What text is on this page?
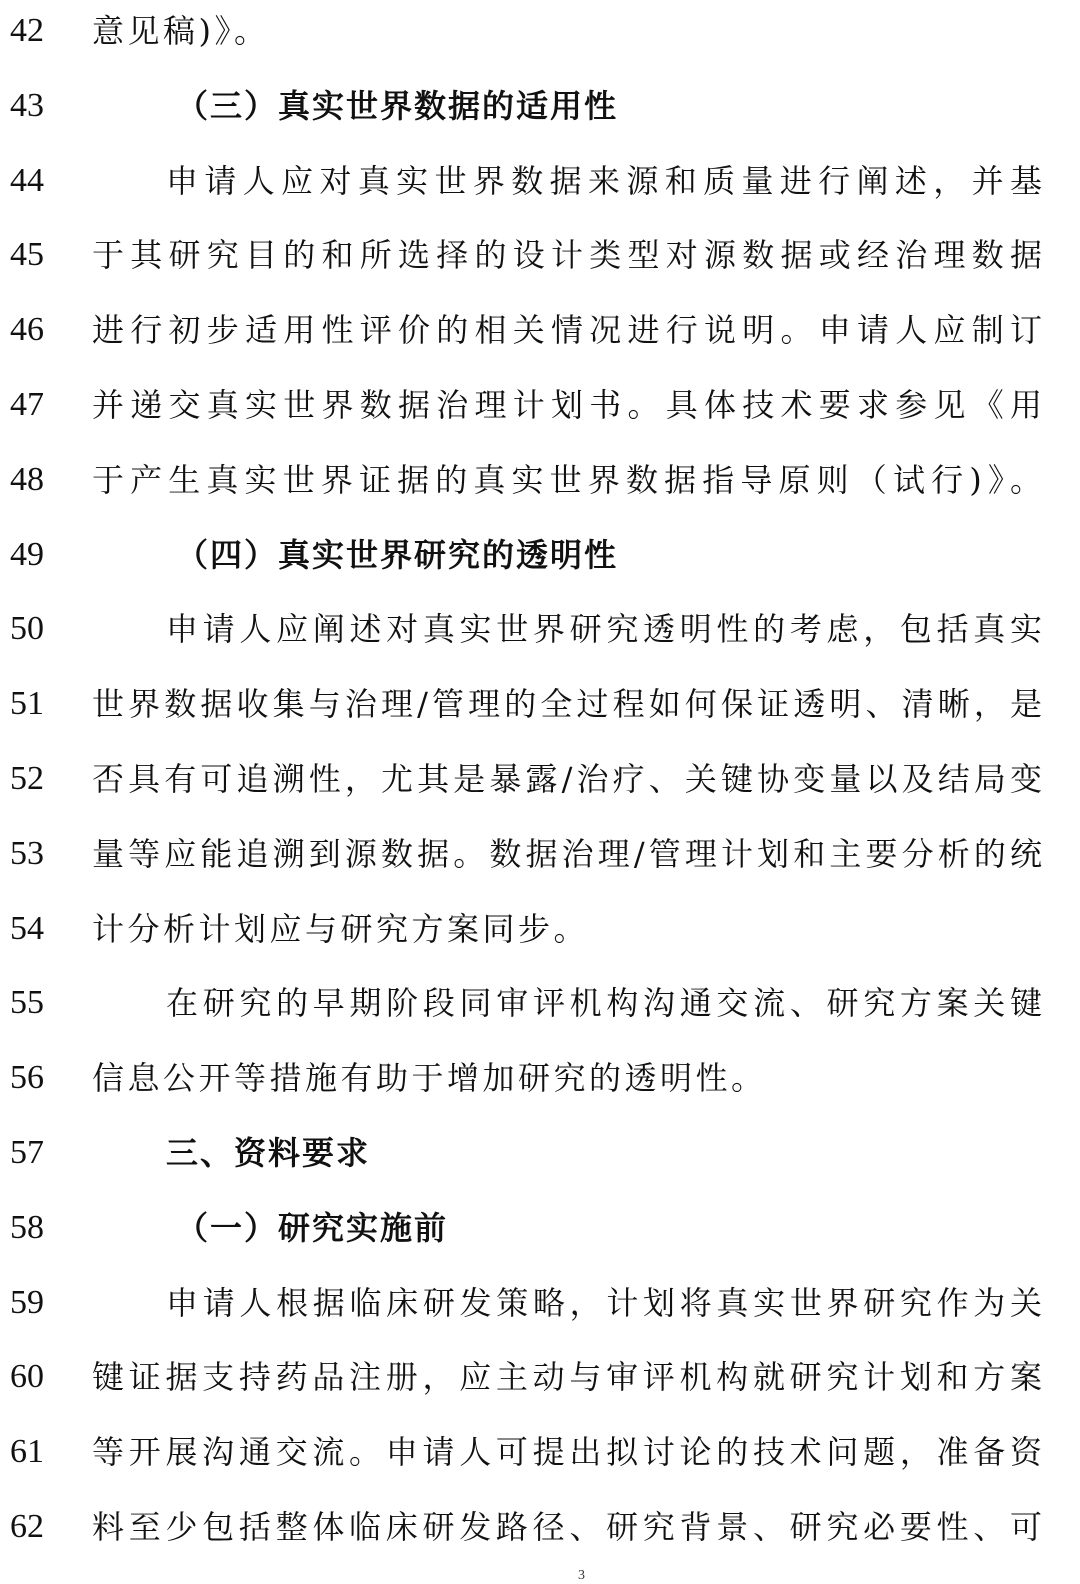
3
42	意见稿)》。
43	（三）真实世界数据的适用性
44	申请人应对真实世界数据来源和质量进行阐述，并基
45	于其研究目的和所选择的设计类型对源数据或经治理数据
46	进行初步适用性评价的相关情况进行说明。申请人应制订
47	并递交真实世界数据治理计划书。具体技术要求参见《用
48	于产生真实世界证据的真实世界数据指导原则（试行)》。
49	（四）真实世界研究的透明性
50	申请人应阐述对真实世界研究透明性的考虑，包括真实
51	世界数据收集与治理/管理的全过程如何保证透明、清晰，是
52	否具有可追溯性，尤其是暴露/治疗、关键协变量以及结局变
53	量等应能追溯到源数据。数据治理/管理计划和主要分析的统
54	计分析计划应与研究方案同步。
55	在研究的早期阶段同审评机构沟通交流、研究方案关键
56	信息公开等措施有助于增加研究的透明性。
57	三、资料要求
58	（一）研究实施前
59	申请人根据临床研发策略，计划将真实世界研究作为关
60	键证据支持药品注册，应主动与审评机构就研究计划和方案
61	等开展沟通交流。申请人可提出拟讨论的技术问题，准备资
62	料至少包括整体临床研发路径、研究背景、研究必要性、可
